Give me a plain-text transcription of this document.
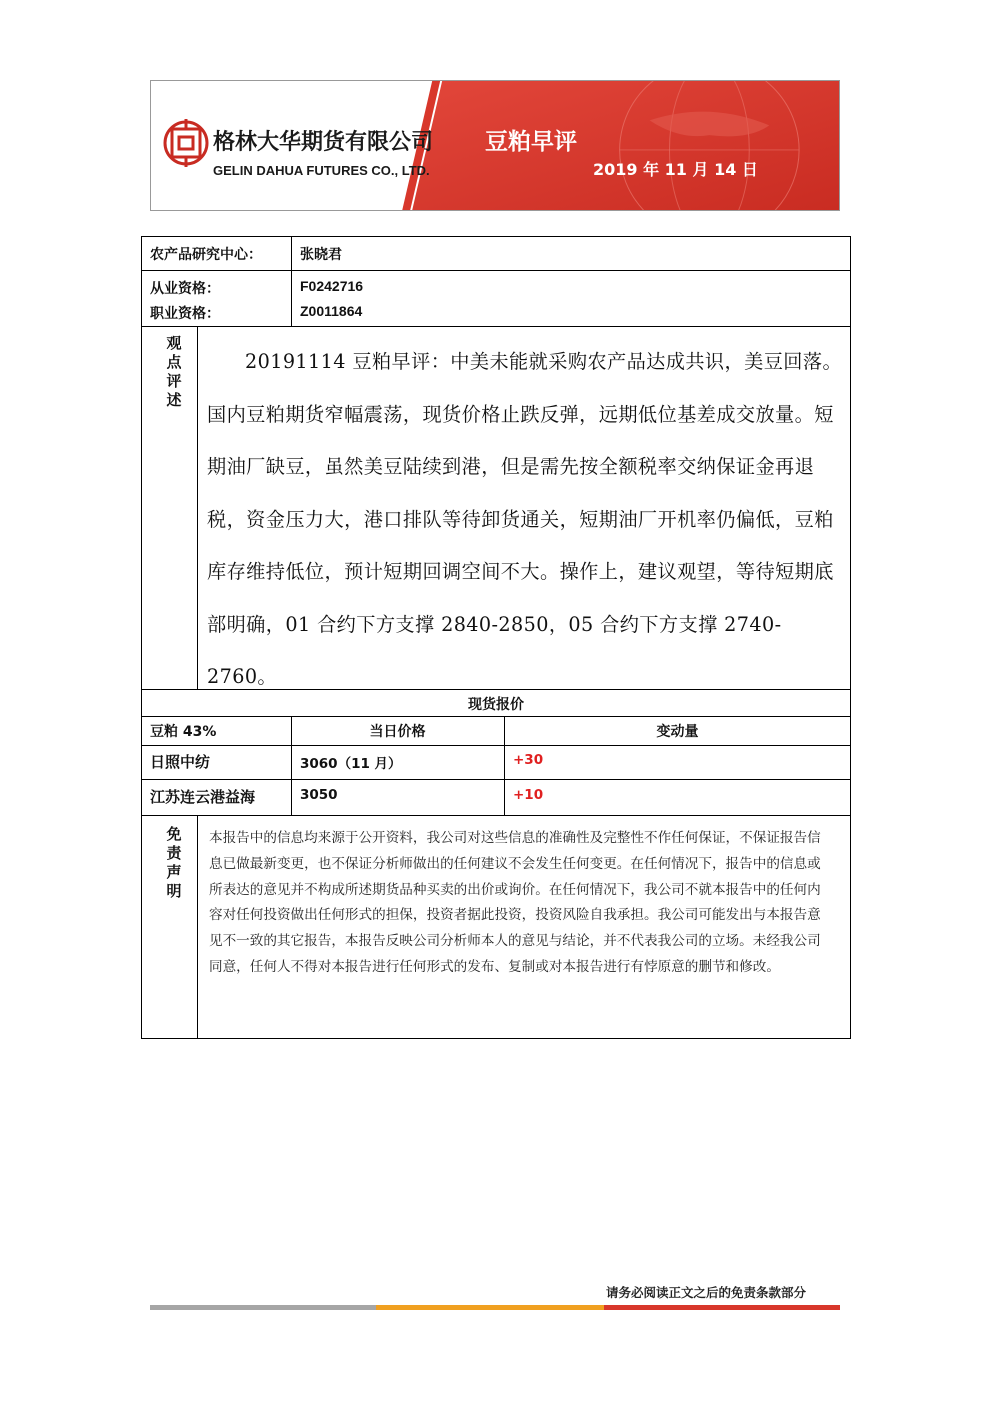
格林大华期货有限公司
GELIN DAHUA FUTURES CO., LTD.
豆粕早评
2019 年 11 月 14 日
农产品研究中心：	张晓君
从业资格：	F0242716
职业资格：	Z0011864
观点评述

20191114 豆粕早评：中美未能就采购农产品达成共识，美豆回落。国内豆粕期货窄幅震荡，现货价格止跌反弹，远期低位基差成交放量。短期油厂缺豆，虽然美豆陆续到港，但是需先按全额税率交纳保证金再退税，资金压力大，港口排队等待卸货通关，短期油厂开机率仍偏低，豆粕库存维持低位，预计短期回调空间不大。操作上，建议观望，等待短期底部明确，01 合约下方支撑 2840-2850，05 合约下方支撑 2740-2760。

现货报价
豆粕 43%	当日价格	变动量
日照中纺	3060（11 月）	+30
江苏连云港益海	3050	+10
免责声明

本报告中的信息均来源于公开资料，我公司对这些信息的准确性及完整性不作任何保证，不保证报告信息已做最新变更，也不保证分析师做出的任何建议不会发生任何变更。在任何情况下，报告中的信息或所表达的意见并不构成所述期货品种买卖的出价或询价。在任何情况下，我公司不就本报告中的任何内容对任何投资做出任何形式的担保，投资者据此投资，投资风险自我承担。我公司可能发出与本报告意见不一致的其它报告，本报告反映公司分析师本人的意见与结论，并不代表我公司的立场。未经我公司同意，任何人不得对本报告进行任何形式的发布、复制或对本报告进行有悖原意的删节和修改。

请务必阅读正文之后的免责条款部分
